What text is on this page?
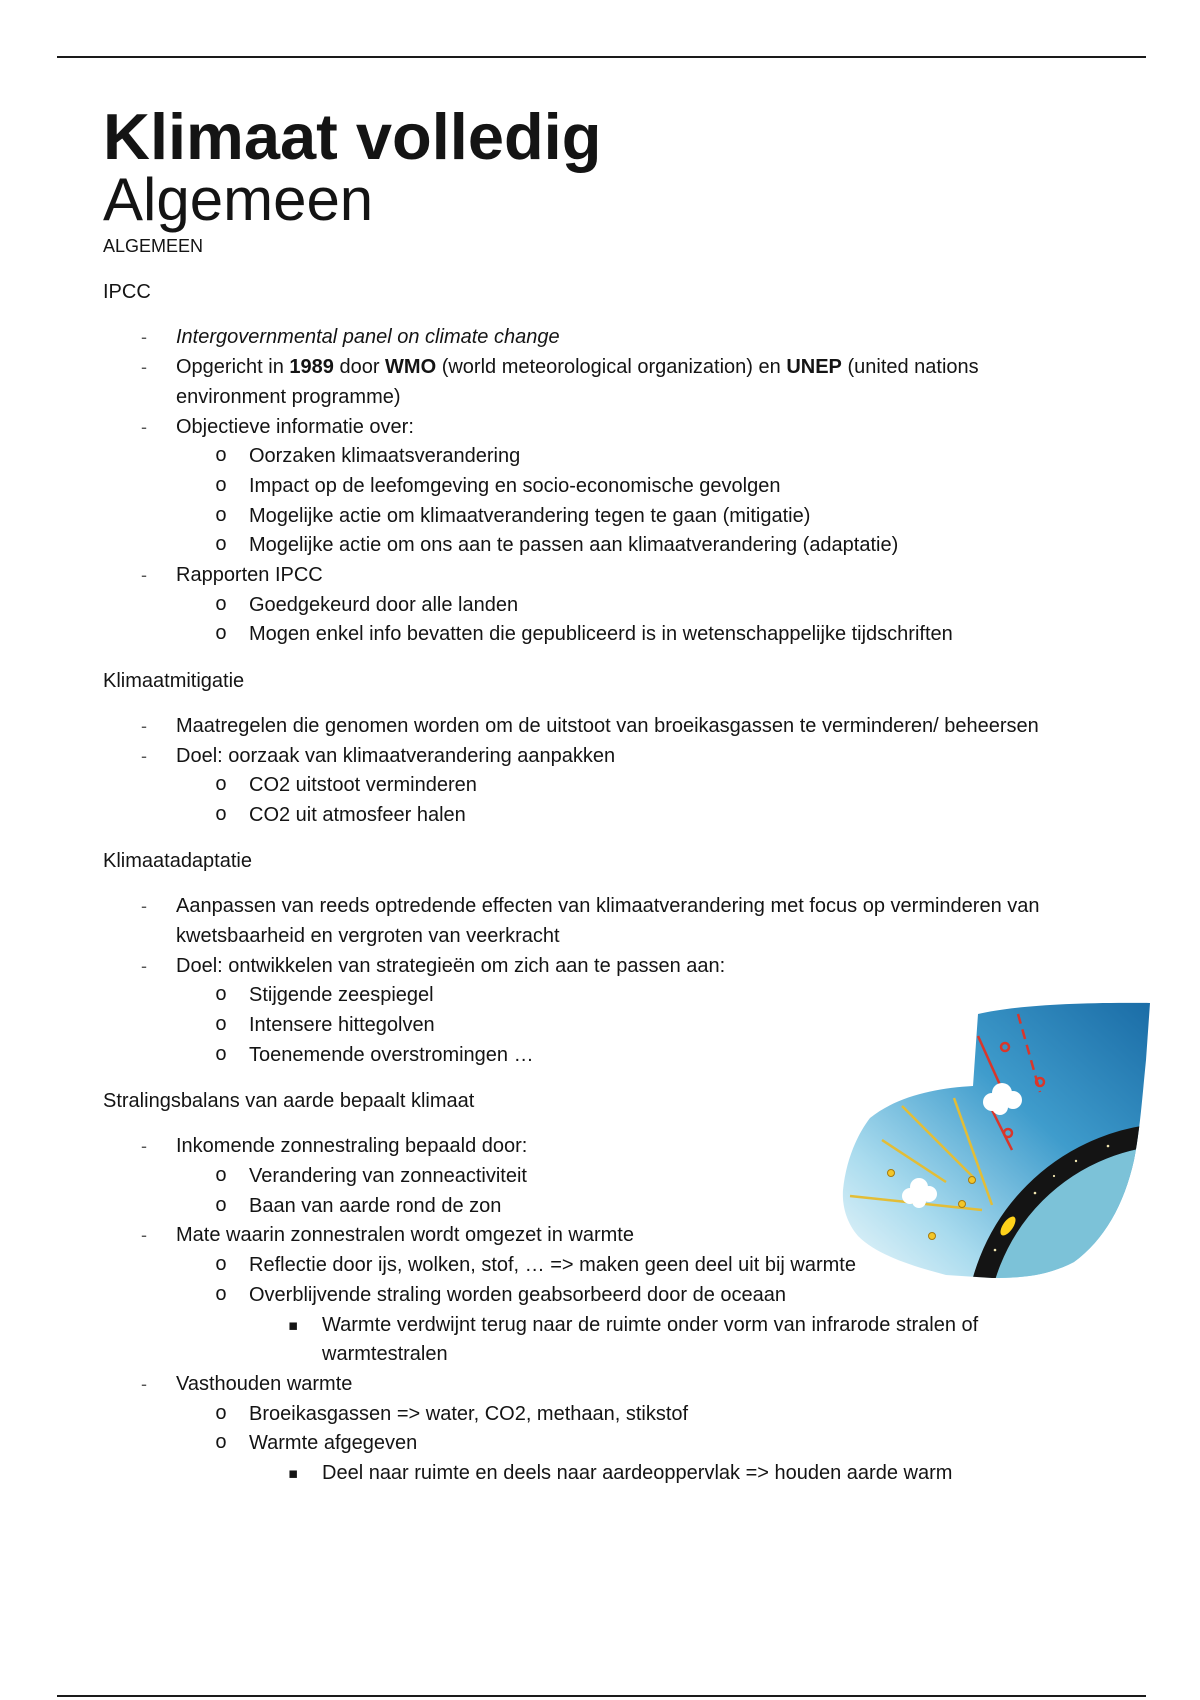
Klimaat volledig
Algemeen
ALGEMEEN
IPCC
- Intergovernmental panel on climate change
- Opgericht in 1989 door WMO (world meteorological organization) en UNEP (united nations environment programme)
- Objectieve informatie over:
o Oorzaken klimaatsverandering
o Impact op de leefomgeving en socio-economische gevolgen
o Mogelijke actie om klimaatverandering tegen te gaan (mitigatie)
o Mogelijke actie om ons aan te passen aan klimaatverandering (adaptatie)
- Rapporten IPCC
o Goedgekeurd door alle landen
o Mogen enkel info bevatten die gepubliceerd is in wetenschappelijke tijdschriften
Klimaatmitigatie
- Maatregelen die genomen worden om de uitstoot van broeikasgassen te verminderen/ beheersen
- Doel: oorzaak van klimaatverandering aanpakken
o CO2 uitstoot verminderen
o CO2 uit atmosfeer halen
Klimaatadaptatie
- Aanpassen van reeds optredende effecten van klimaatverandering met focus op verminderen van kwetsbaarheid en vergroten van veerkracht
- Doel: ontwikkelen van strategieën om zich aan te passen aan:
o Stijgende zeespiegel
o Intensere hittegolven
o Toenemende overstromingen …
Stralingsbalans van aarde bepaalt klimaat
- Inkomende zonnestraling bepaald door:
o Verandering van zonneactiviteit
o Baan van aarde rond de zon
- Mate waarin zonnestralen wordt omgezet in warmte
o Reflectie door ijs, wolken, stof, … => maken geen deel uit bij warmte
o Overblijvende straling worden geabsorbeerd door de oceaan
▪ Warmte verdwijnt terug naar de ruimte onder vorm van infrarode stralen of warmtestralen
- Vasthouden warmte
o Broeikasgassen => water, CO2, methaan, stikstof
o Warmte afgegeven
▪ Deel naar ruimte en deels naar aardeoppervlak => houden aarde warm
